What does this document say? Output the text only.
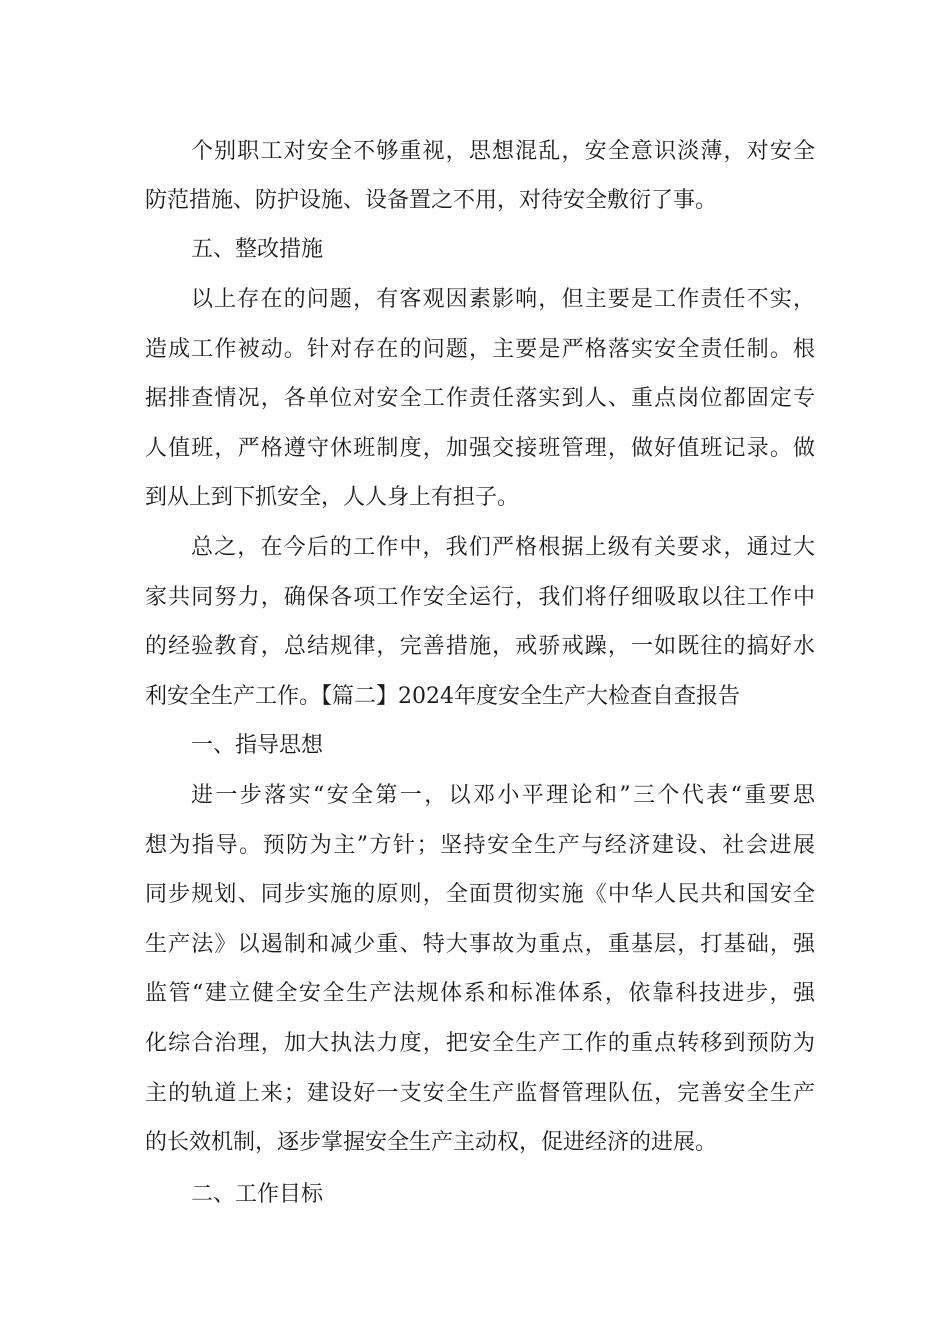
个别职工对安全不够重视，思想混乱，安全意识淡薄，对安全
防范措施、防护设施、设备置之不用，对待安全敷衍了事。
五、整改措施
以上存在的问题，有客观因素影响，但主要是工作责任不实，
造成工作被动。针对存在的问题，主要是严格落实安全责任制。根
据排查情况，各单位对安全工作责任落实到人、重点岗位都固定专
人值班，严格遵守休班制度，加强交接班管理，做好值班记录。做
到从上到下抓安全，人人身上有担子。
总之，在今后的工作中，我们严格根据上级有关要求，通过大
家共同努力，确保各项工作安全运行，我们将仔细吸取以往工作中
的经验教育，总结规律，完善措施，戒骄戒躁，一如既往的搞好水
利安全生产工作。【篇二】2024年度安全生产大检查自查报告
一、指导思想
进一步落实“安全第一，以邓小平理论和”三个代表“重要思
想为指导。预防为主”方针；坚持安全生产与经济建设、社会进展
同步规划、同步实施的原则，全面贯彻实施《中华人民共和国安全
生产法》以遏制和减少重、特大事故为重点，重基层，打基础，强
监管“建立健全安全生产法规体系和标准体系，依靠科技进步，强
化综合治理，加大执法力度，把安全生产工作的重点转移到预防为
主的轨道上来；建设好一支安全生产监督管理队伍，完善安全生产
的长效机制，逐步掌握安全生产主动权，促进经济的进展。
二、工作目标
